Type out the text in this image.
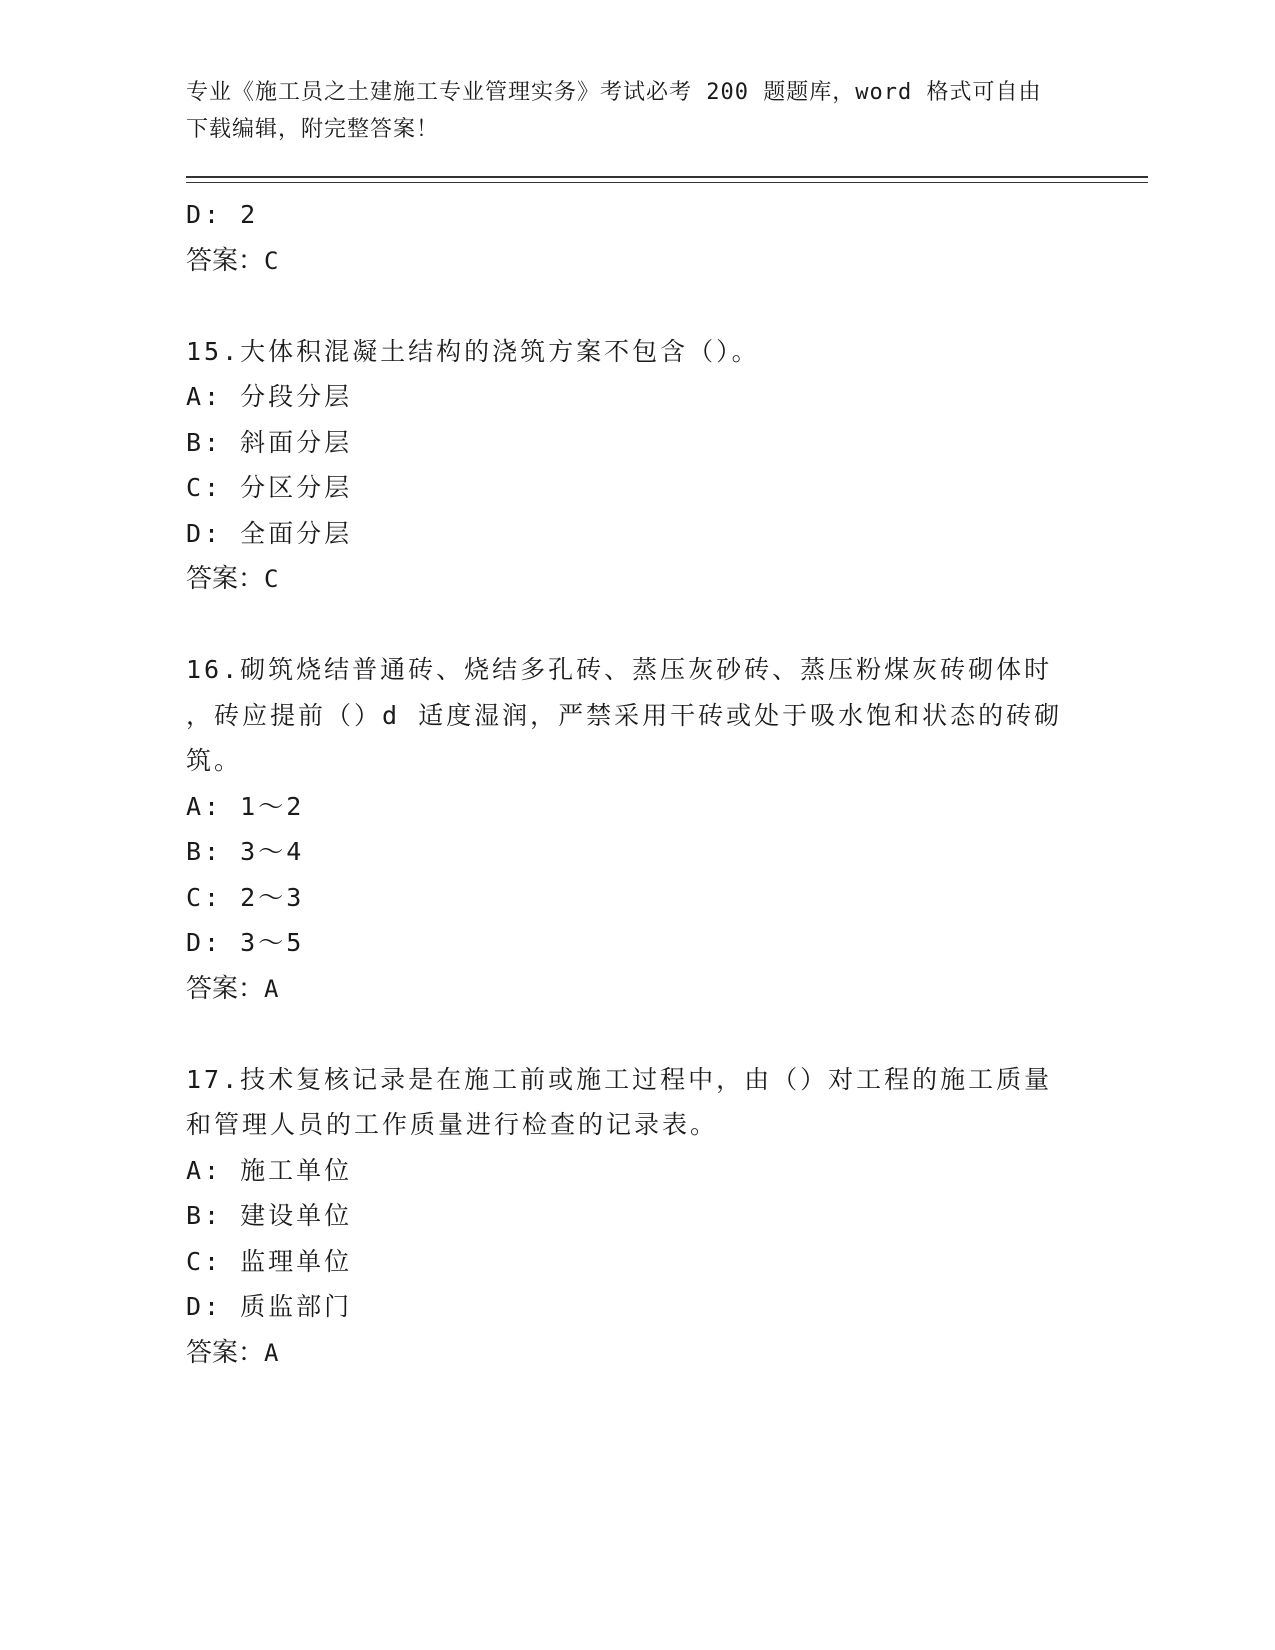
专业《施工员之土建施工专业管理实务》考试必考 200 题题库，word 格式可自由
下载编辑，附完整答案！
D: 2
答案：C
15.大体积混凝土结构的浇筑方案不包含（）。
A: 分段分层
B: 斜面分层
C: 分区分层
D: 全面分层
答案：C
16.砌筑烧结普通砖、烧结多孔砖、蒸压灰砂砖、蒸压粉煤灰砖砌体时
，砖应提前（）d 适度湿润，严禁采用干砖或处于吸水饱和状态的砖砌
筑。
A: 1～2
B: 3～4
C: 2～3
D: 3～5
答案：A
17.技术复核记录是在施工前或施工过程中，由（）对工程的施工质量
和管理人员的工作质量进行检查的记录表。
A: 施工单位
B: 建设单位
C: 监理单位
D: 质监部门
答案：A
